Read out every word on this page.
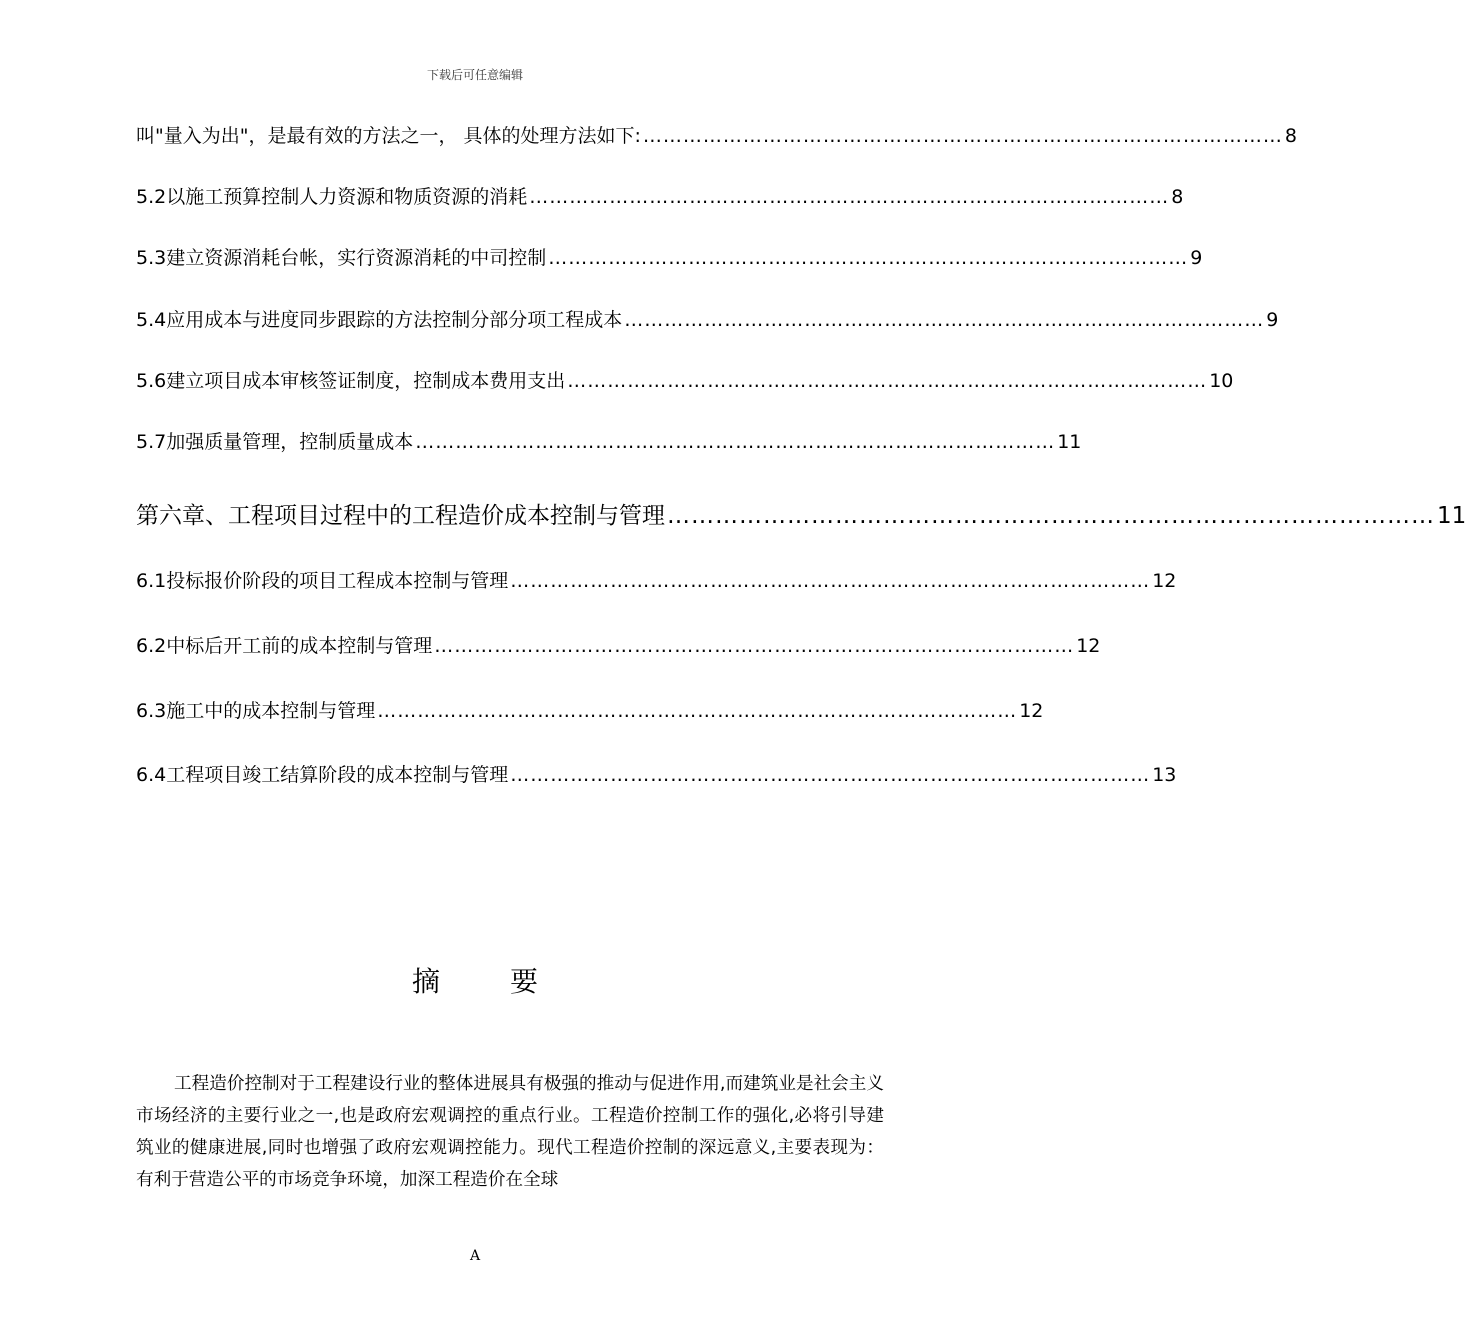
下载后可任意编辑
叫"量入为出"，是最有效的方法之一， 具体的处理方法如下: …………………………………………………………………………………… 8
5.2以施工预算控制人力资源和物质资源的消耗 …………………………………………………………………………………… 8
5.3建立资源消耗台帐，实行资源消耗的中司控制 …………………………………………………………………………………… 9
5.4应用成本与进度同步跟踪的方法控制分部分项工程成本 …………………………………………………………………………………… 9
5.6建立项目成本审核签证制度，控制成本费用支出 …………………………………………………………………………………… 10
5.7加强质量管理，控制质量成本 …………………………………………………………………………………… 11
第六章、工程项目过程中的工程造价成本控制与管理 …………………………………………………………………………………… 11
6.1投标报价阶段的项目工程成本控制与管理 …………………………………………………………………………………… 12
6.2中标后开工前的成本控制与管理 …………………………………………………………………………………… 12
6.3施工中的成本控制与管理 …………………………………………………………………………………… 12
6.4工程项目竣工结算阶段的成本控制与管理 …………………………………………………………………………………… 13
摘要
工程造价控制对于工程建设行业的整体进展具有极强的推动与促进作用,而建筑业是社会主义市场经济的主要行业之一,也是政府宏观调控的重点行业。工程造价控制工作的强化,必将引导建筑业的健康进展,同时也增强了政府宏观调控能力。现代工程造价控制的深远意义,主要表现为：有利于营造公平的市场竞争环境，加深工程造价在全球
A
